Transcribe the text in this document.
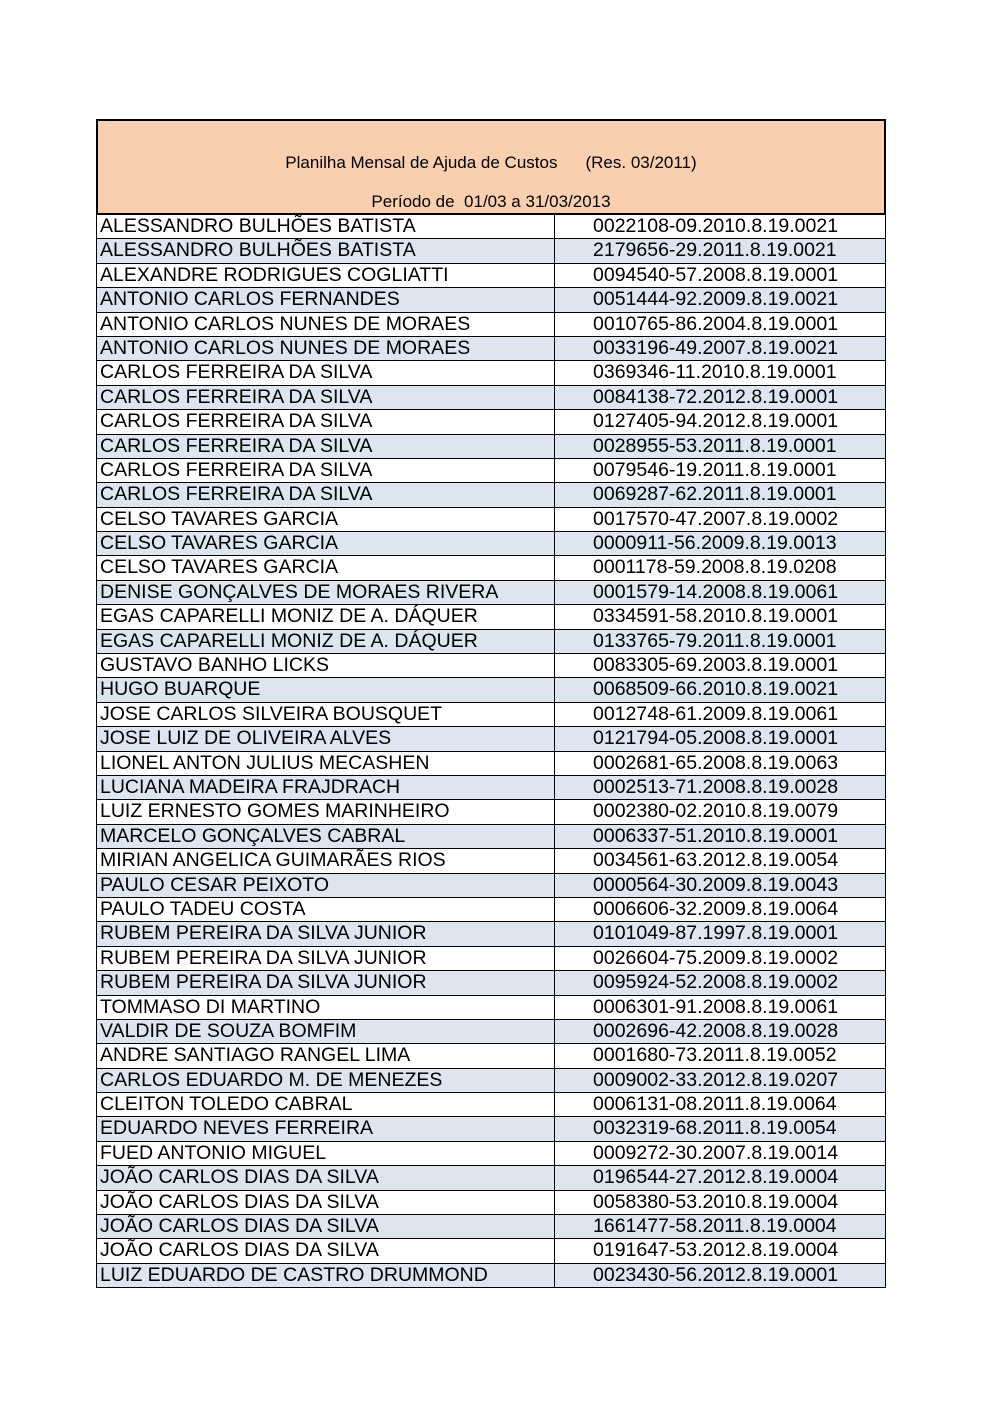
Planilha Mensal de Ajuda de Custos (Res. 03/2011)
Período de  01/03 a 31/03/2013
ALESSANDRO BULHÕES BATISTA	0022108-09.2010.8.19.0021
ALESSANDRO BULHÕES BATISTA	2179656-29.2011.8.19.0021
ALEXANDRE RODRIGUES COGLIATTI	0094540-57.2008.8.19.0001
ANTONIO CARLOS FERNANDES	0051444-92.2009.8.19.0021
ANTONIO CARLOS NUNES DE MORAES	0010765-86.2004.8.19.0001
ANTONIO CARLOS NUNES DE MORAES	0033196-49.2007.8.19.0021
CARLOS FERREIRA DA SILVA	0369346-11.2010.8.19.0001
CARLOS FERREIRA DA SILVA	0084138-72.2012.8.19.0001
CARLOS FERREIRA DA SILVA	0127405-94.2012.8.19.0001
CARLOS FERREIRA DA SILVA	0028955-53.2011.8.19.0001
CARLOS FERREIRA DA SILVA	0079546-19.2011.8.19.0001
CARLOS FERREIRA DA SILVA	0069287-62.2011.8.19.0001
CELSO TAVARES GARCIA	0017570-47.2007.8.19.0002
CELSO TAVARES GARCIA	0000911-56.2009.8.19.0013
CELSO TAVARES GARCIA	0001178-59.2008.8.19.0208
DENISE GONÇALVES DE MORAES RIVERA	0001579-14.2008.8.19.0061
EGAS CAPARELLI MONIZ DE A. DÁQUER	0334591-58.2010.8.19.0001
EGAS CAPARELLI MONIZ DE A. DÁQUER	0133765-79.2011.8.19.0001
GUSTAVO BANHO LICKS	0083305-69.2003.8.19.0001
HUGO BUARQUE	0068509-66.2010.8.19.0021
JOSE CARLOS SILVEIRA BOUSQUET	0012748-61.2009.8.19.0061
JOSE LUIZ DE OLIVEIRA ALVES	0121794-05.2008.8.19.0001
LIONEL ANTON JULIUS MECASHEN	0002681-65.2008.8.19.0063
LUCIANA MADEIRA FRAJDRACH	0002513-71.2008.8.19.0028
LUIZ ERNESTO GOMES MARINHEIRO	0002380-02.2010.8.19.0079
MARCELO GONÇALVES CABRAL	0006337-51.2010.8.19.0001
MIRIAN ANGELICA GUIMARÃES RIOS	0034561-63.2012.8.19.0054
PAULO CESAR PEIXOTO	0000564-30.2009.8.19.0043
PAULO TADEU COSTA	0006606-32.2009.8.19.0064
RUBEM PEREIRA DA SILVA JUNIOR	0101049-87.1997.8.19.0001
RUBEM PEREIRA DA SILVA JUNIOR	0026604-75.2009.8.19.0002
RUBEM PEREIRA DA SILVA JUNIOR	0095924-52.2008.8.19.0002
TOMMASO DI MARTINO	0006301-91.2008.8.19.0061
VALDIR DE SOUZA BOMFIM	0002696-42.2008.8.19.0028
ANDRE SANTIAGO RANGEL LIMA	0001680-73.2011.8.19.0052
CARLOS EDUARDO M. DE MENEZES	0009002-33.2012.8.19.0207
CLEITON TOLEDO CABRAL	0006131-08.2011.8.19.0064
EDUARDO NEVES FERREIRA	0032319-68.2011.8.19.0054
FUED ANTONIO MIGUEL	0009272-30.2007.8.19.0014
JOÃO CARLOS DIAS DA SILVA	0196544-27.2012.8.19.0004
JOÃO CARLOS DIAS DA SILVA	0058380-53.2010.8.19.0004
JOÃO CARLOS DIAS DA SILVA	1661477-58.2011.8.19.0004
JOÃO CARLOS DIAS DA SILVA	0191647-53.2012.8.19.0004
LUIZ EDUARDO DE CASTRO DRUMMOND	0023430-56.2012.8.19.0001
